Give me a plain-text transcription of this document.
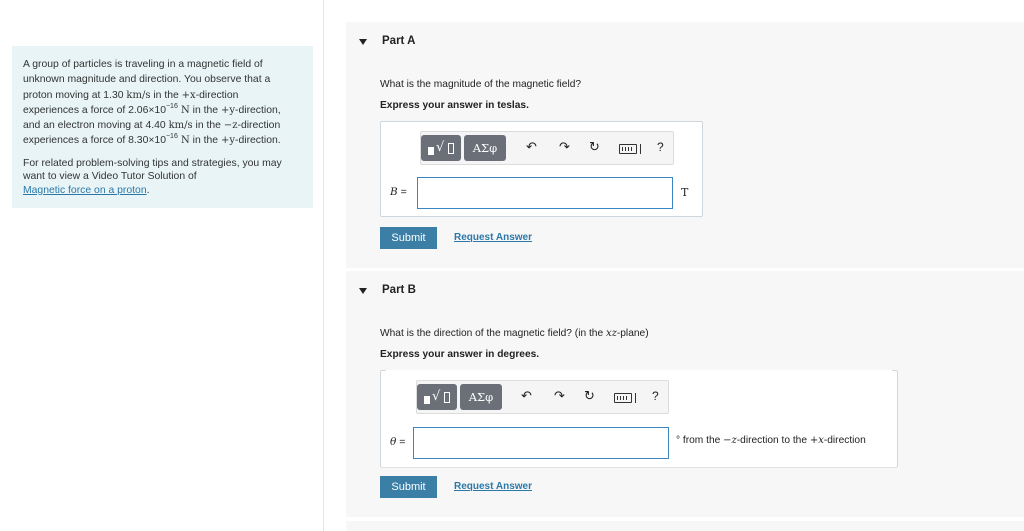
A group of particles is traveling in a magnetic field of

unknown magnitude and direction. You observe that a

proton moving at 1.30 km/s in the +x-direction

experiences a force of $2.06\times 10^{-16}$ N in the +y-direction,

and an electron moving at 4.40 km/s in the −z-direction

experiences a force of $8.30\times 10^{-16}$ N in the +y-direction.

For related problem-solving tips and strategies, you may
want to view a Video Tutor Solution of
Magnetic force on a proton.

Part A
What is the magnitude of the magnetic field?
Express your answer in teslas.
√	ΑΣφ	↶ ↷ ↻	?
B =	T
Submit	Request Answer
Part B
What is the direction of the magnetic field? (in the xz-plane)
Express your answer in degrees.
√	ΑΣφ	↶ ↷ ↻	?
θ =	° from the −z-direction to the +x-direction
Submit	Request Answer
